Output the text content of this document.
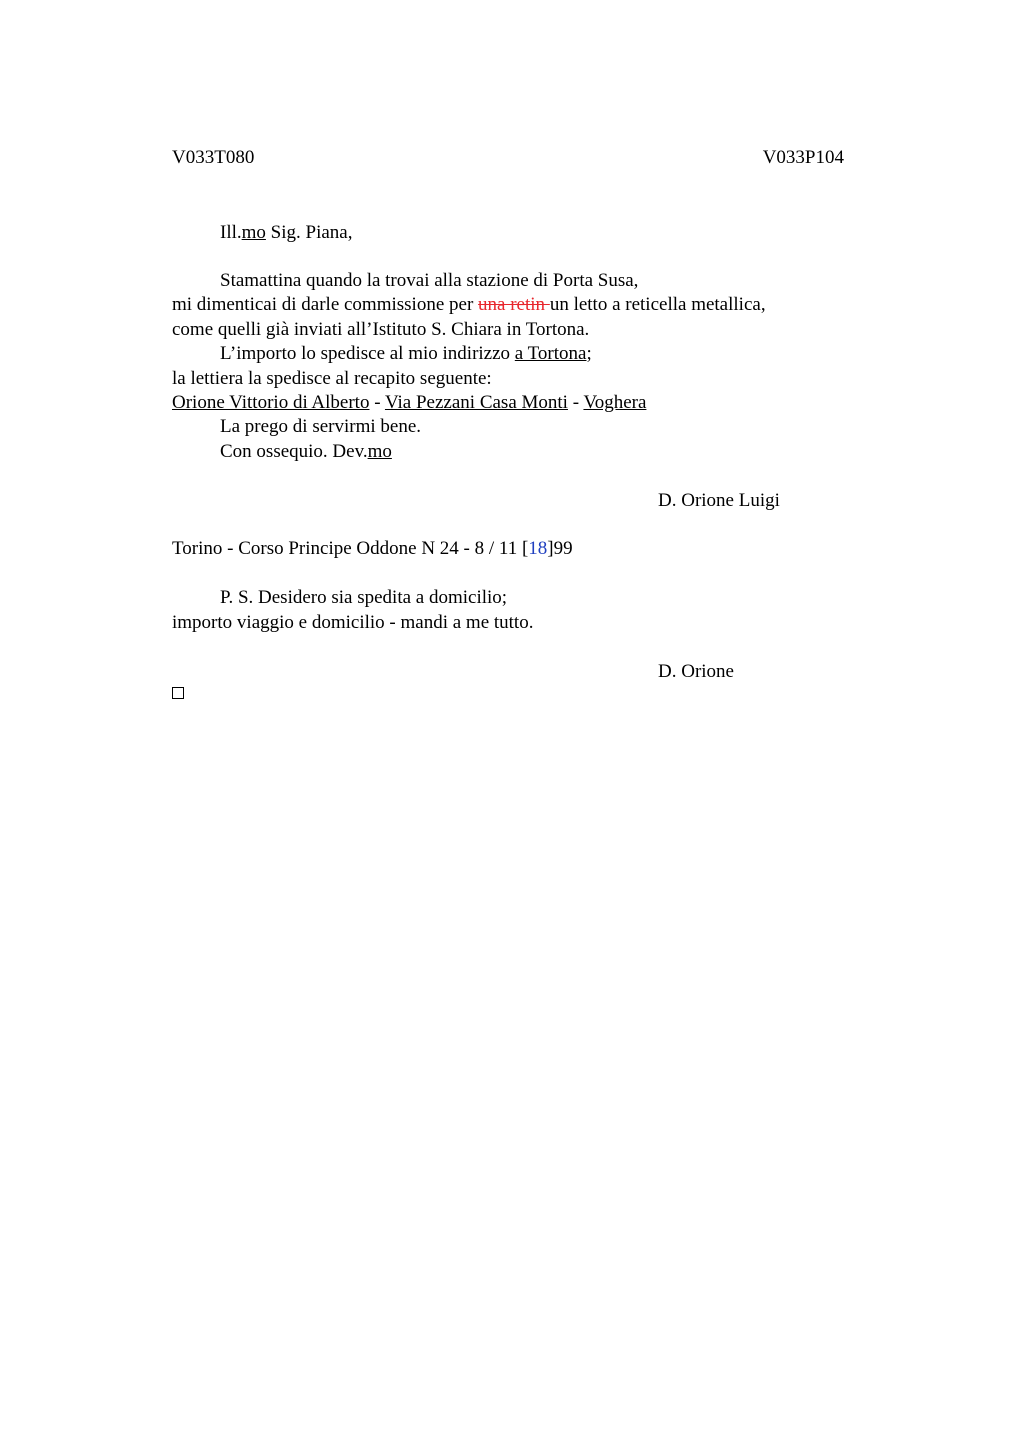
V033T080	V033P104
Ill.mo Sig. Piana,
Stamattina quando la trovai alla stazione di Porta Susa,
mi dimenticai di darle commissione per una retin un letto a reticella metallica,
come quelli già inviati all’Istituto S. Chiara in Tortona.
L’importo lo spedisce al mio indirizzo a Tortona;
la lettiera la spedisce al recapito seguente:
Orione Vittorio di Alberto - Via Pezzani Casa Monti - Voghera
La prego di servirmi bene.
Con ossequio. Dev.mo
D. Orione Luigi
Torino - Corso Principe Oddone N 24 - 8 / 11 [18]99
P. S. Desidero sia spedita a domicilio;
importo viaggio e domicilio - mandi a me tutto.
D. Orione
